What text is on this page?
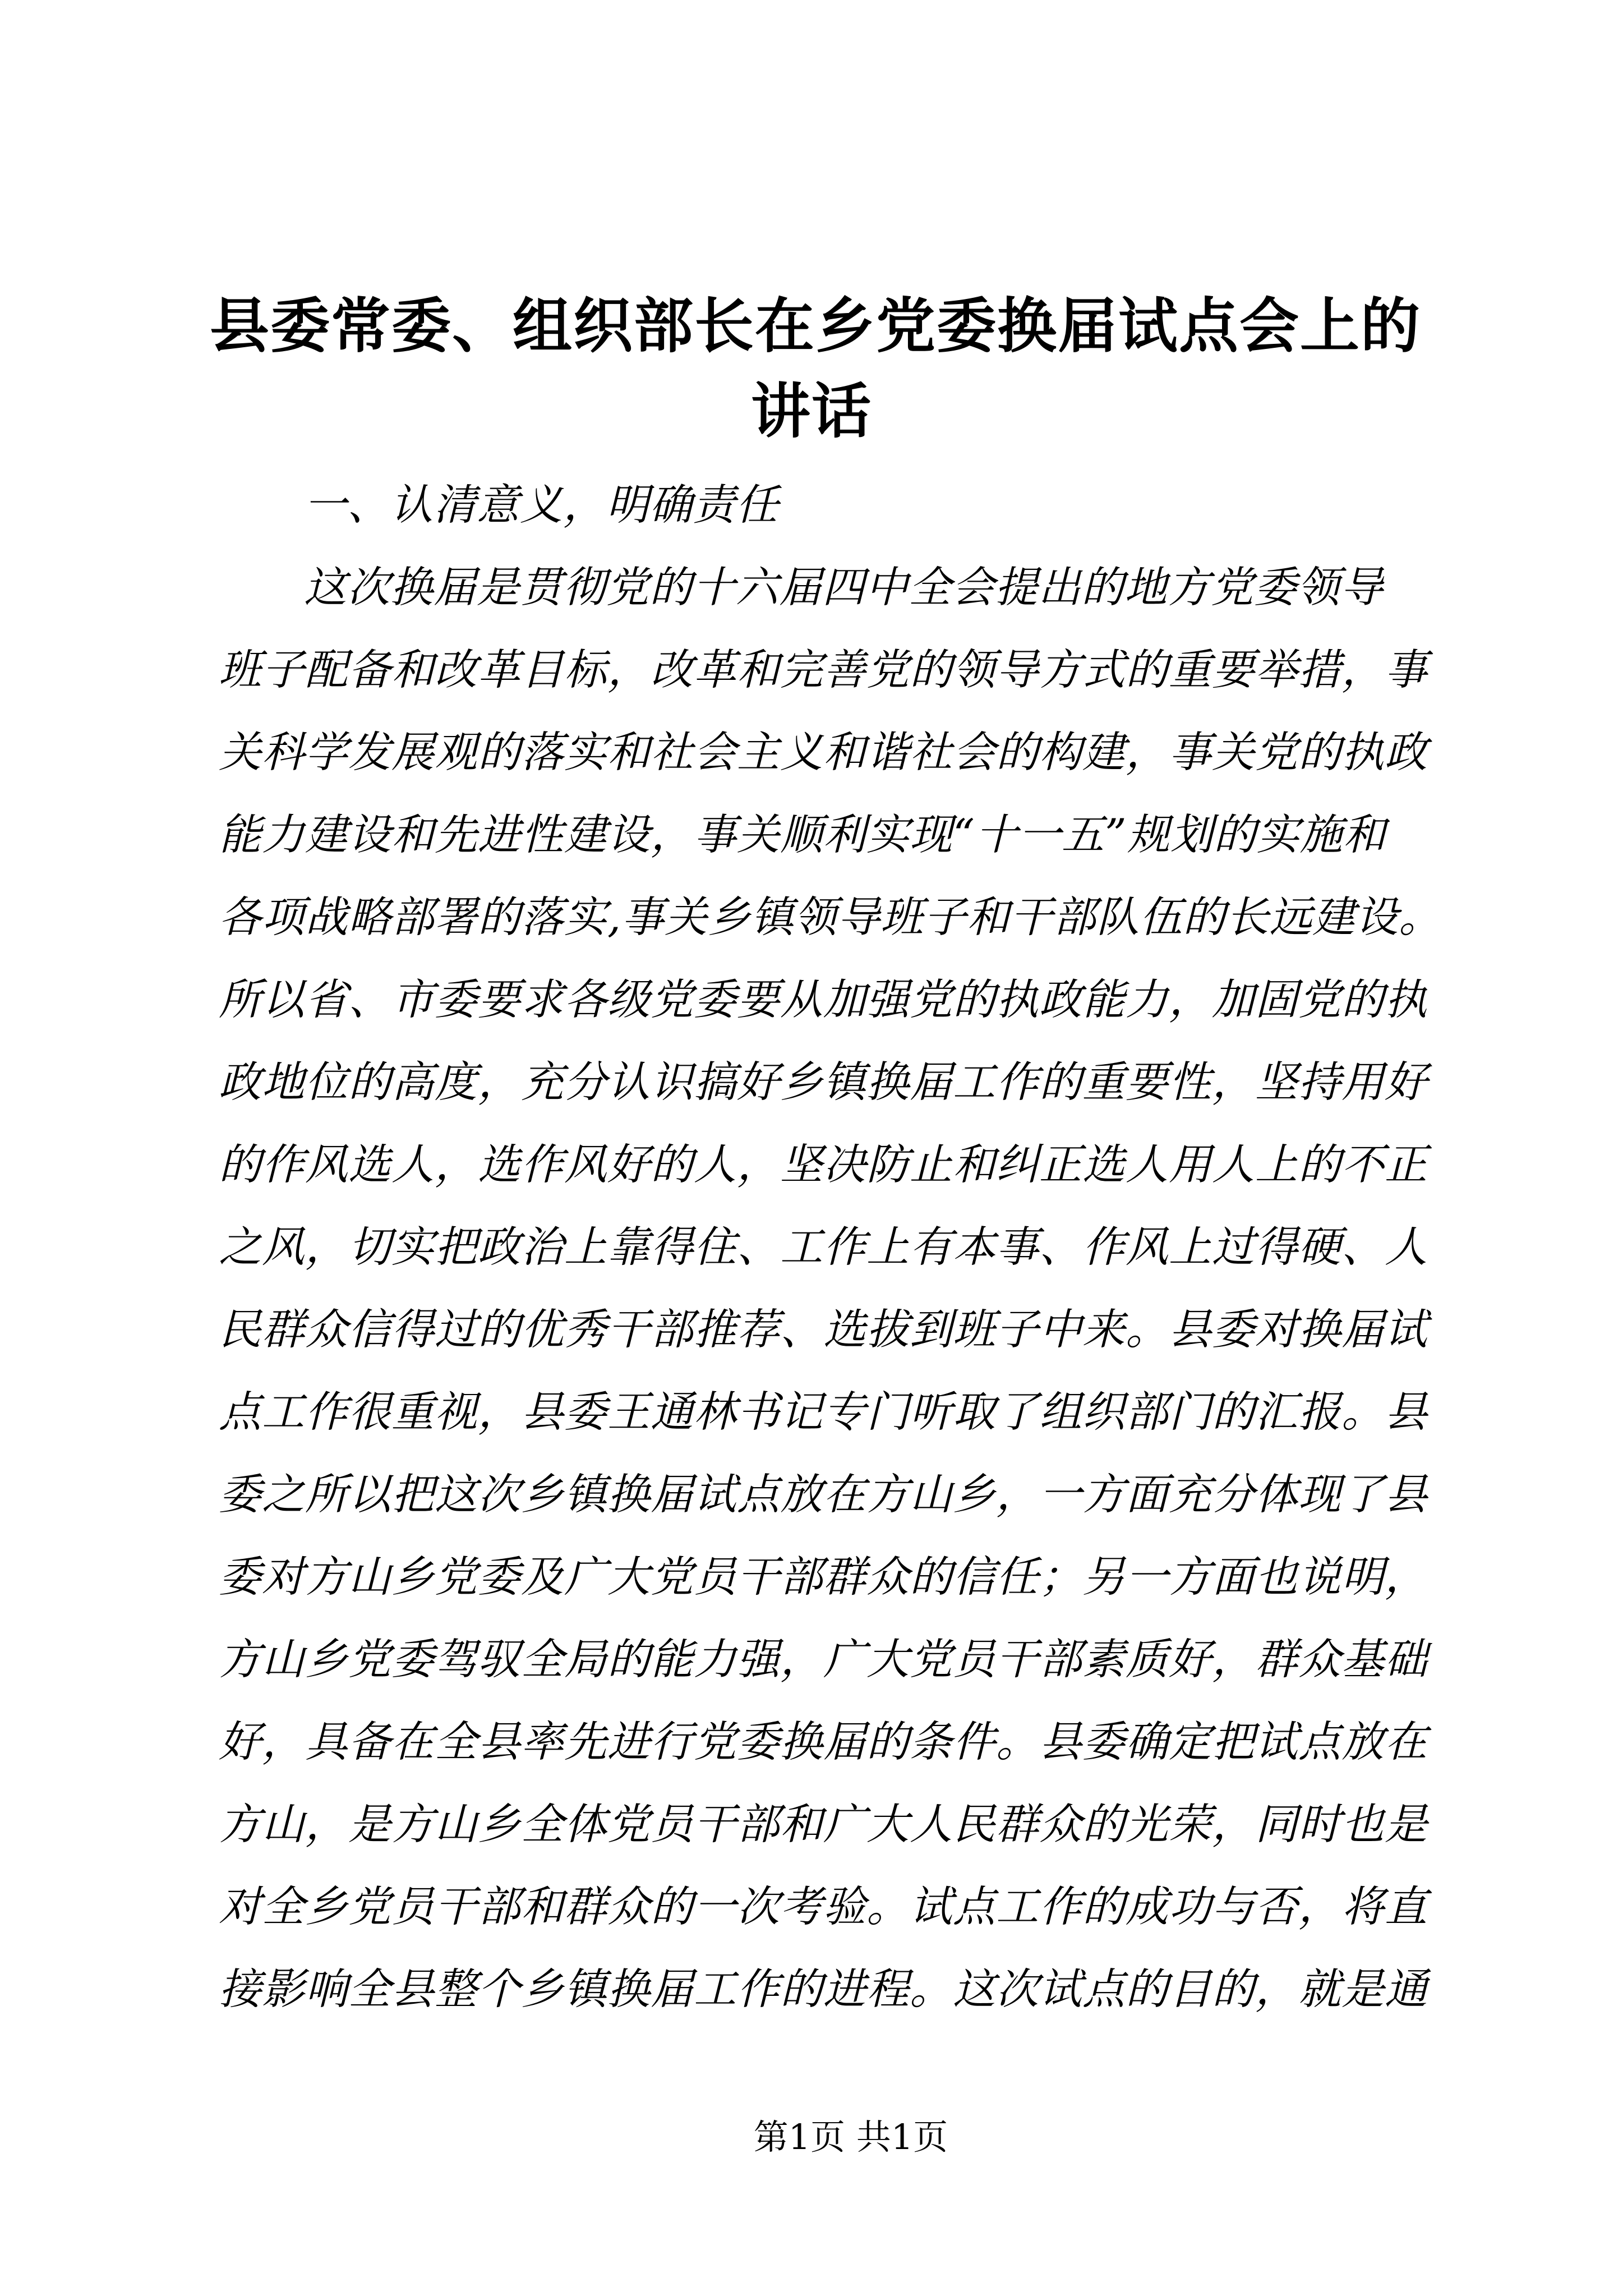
县委常委、组织部长在乡党委换届试点会上的
讲话
一、认清意义，明确责任
这次换届是贯彻党的十六届四中全会提出的地方党委领导
班子配备和改革目标，改革和完善党的领导方式的重要举措，事
关科学发展观的落实和社会主义和谐社会的构建，事关党的执政
能力建设和先进性建设，事关顺利实现“十一五”规划的实施和
各项战略部署的落实,事关乡镇领导班子和干部队伍的长远建设。
所以省、市委要求各级党委要从加强党的执政能力，加固党的执
政地位的高度，充分认识搞好乡镇换届工作的重要性，坚持用好
的作风选人，选作风好的人，坚决防止和纠正选人用人上的不正
之风，切实把政治上靠得住、工作上有本事、作风上过得硬、人
民群众信得过的优秀干部推荐、选拔到班子中来。县委对换届试
点工作很重视，县委王通林书记专门听取了组织部门的汇报。县
委之所以把这次乡镇换届试点放在方山乡，一方面充分体现了县
委对方山乡党委及广大党员干部群众的信任；另一方面也说明，
方山乡党委驾驭全局的能力强，广大党员干部素质好，群众基础
好，具备在全县率先进行党委换届的条件。县委确定把试点放在
方山，是方山乡全体党员干部和广大人民群众的光荣，同时也是
对全乡党员干部和群众的一次考验。试点工作的成功与否，将直
接影响全县整个乡镇换届工作的进程。这次试点的目的，就是通
第1页 共1页
